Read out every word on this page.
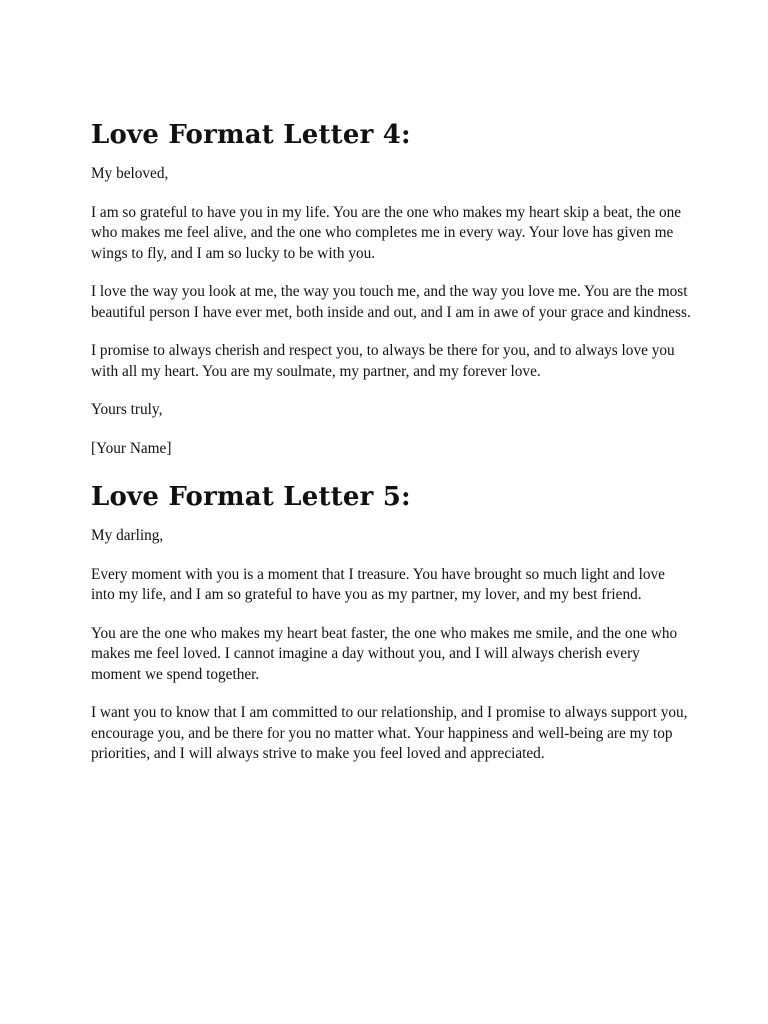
Love Format Letter 4:

My beloved,

I am so grateful to have you in my life. You are the one who makes my heart skip a beat, the one who makes me feel alive, and the one who completes me in every way. Your love has given me wings to fly, and I am so lucky to be with you.

I love the way you look at me, the way you touch me, and the way you love me. You are the most beautiful person I have ever met, both inside and out, and I am in awe of your grace and kindness.

I promise to always cherish and respect you, to always be there for you, and to always love you with all my heart. You are my soulmate, my partner, and my forever love.

Yours truly,

[Your Name]

Love Format Letter 5:

My darling,

Every moment with you is a moment that I treasure. You have brought so much light and love into my life, and I am so grateful to have you as my partner, my lover, and my best friend.

You are the one who makes my heart beat faster, the one who makes me smile, and the one who makes me feel loved. I cannot imagine a day without you, and I will always cherish every moment we spend together.

I want you to know that I am committed to our relationship, and I promise to always support you, encourage you, and be there for you no matter what. Your happiness and well-being are my top priorities, and I will always strive to make you feel loved and appreciated.
